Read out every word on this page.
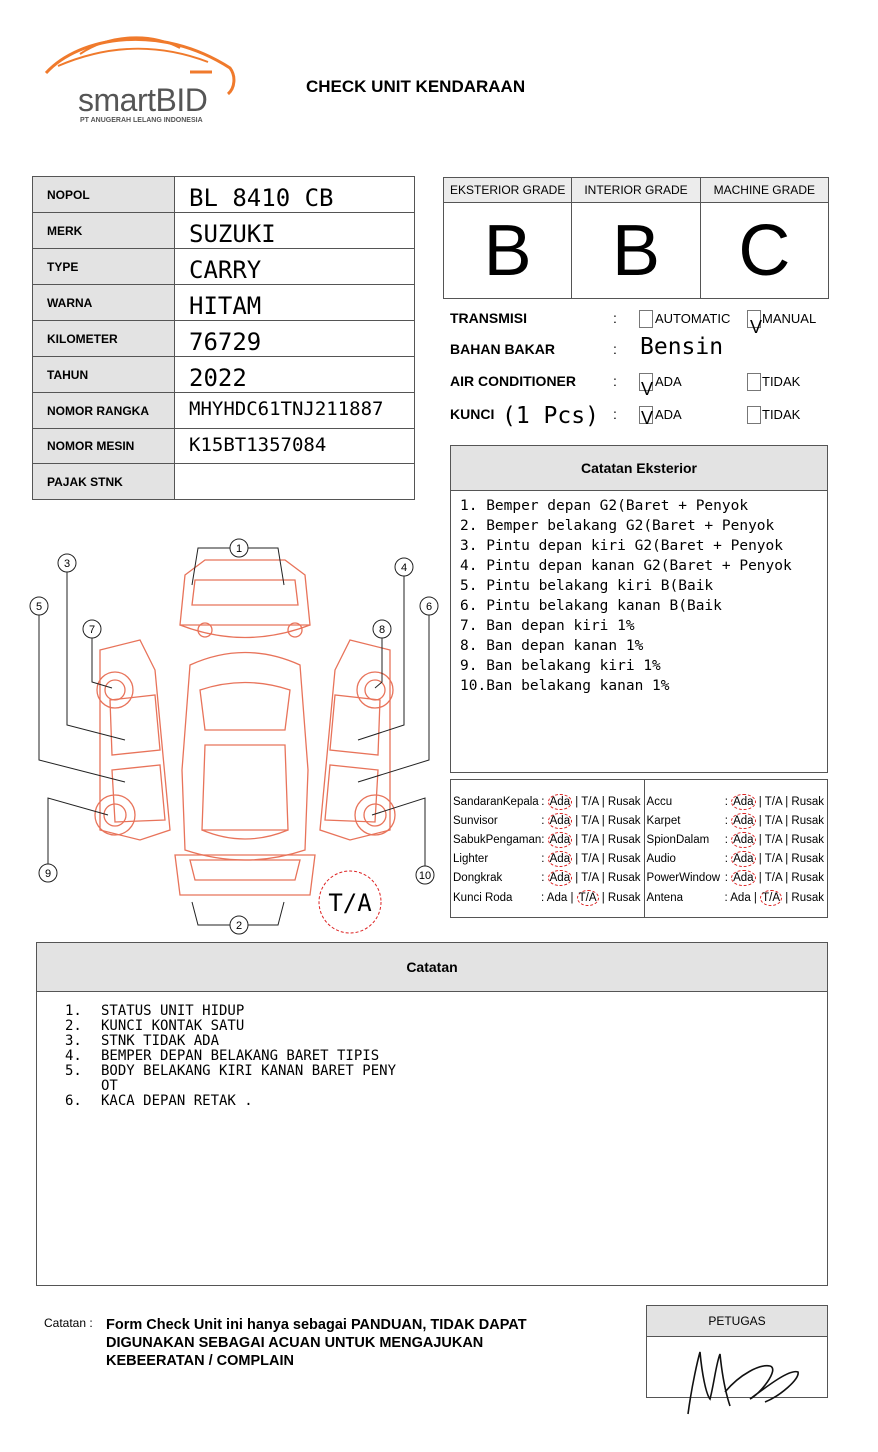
smartBID
PT ANUGERAH LELANG INDONESIA
CHECK UNIT KENDARAAN
NOPOL	BL 8410 CB
MERK	SUZUKI
TYPE	CARRY
WARNA	HITAM
KILOMETER	76729
TAHUN	2022
NOMOR RANGKA	MHYHDC61TNJ211887
NOMOR MESIN	K15BT1357084
PAJAK STNK	
EKSTERIOR GRADE
B
INTERIOR GRADE
B
MACHINE GRADE
C
TRANSMISI	:	AUTOMATIC V MANUAL
BAHAN BAKAR	: Bensin
AIR CONDITIONER	: V ADA	TIDAK
KUNCI (1 Pcs) : V ADA	TIDAK
Catatan Eksterior
1. Bemper depan G2(Baret + Penyok
2. Bemper belakang G2(Baret + Penyok
3. Pintu depan kiri G2(Baret + Penyok
4. Pintu depan kanan G2(Baret + Penyok
5. Pintu belakang kiri B(Baik
6. Pintu belakang kanan B(Baik
7. Ban depan kiri 1%
8. Ban depan kanan 1%
9. Ban belakang kiri 1%
10.Ban belakang kanan 1%
SandaranKepala : Ada | T/A | Rusak
Sunvisor	: Ada | T/A | Rusak
SabukPengaman : Ada | T/A | Rusak
Lighter	: Ada | T/A | Rusak
Dongkrak	: Ada | T/A | Rusak
Kunci Roda : Ada | T/A | Rusak
Accu	: Ada | T/A | Rusak
Karpet	: Ada | T/A | Rusak
SpionDalam : Ada | T/A | Rusak
Audio	: Ada | T/A | Rusak
PowerWindow : Ada | T/A | Rusak
Antena	: Ada | T/A | Rusak
1
2
3	4
5	6
7	8
9	10
T/A
Catatan
1.	STATUS UNIT HIDUP
2.	KUNCI KONTAK SATU
3.	STNK TIDAK ADA
4.	BEMPER DEPAN BELAKANG BARET TIPIS
5.	BODY BELAKANG KIRI KANAN BARET PENY OT
6.	KACA DEPAN RETAK .
Catatan : Form Check Unit ini hanya sebagai PANDUAN, TIDAK DAPAT DIGUNAKAN SEBAGAI ACUAN UNTUK MENGAJUKAN KEBEERATAN / COMPLAIN
PETUGAS
